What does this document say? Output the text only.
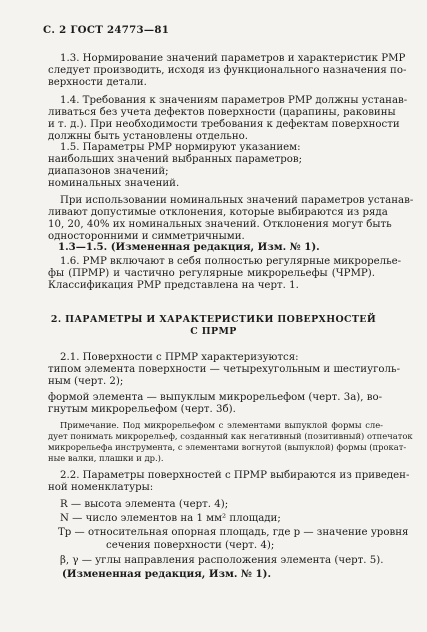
С. 2 ГОСТ 24773—81
1.3. Нормирование значений параметров и характеристик РМР
следует производить, исходя из функционального назначения по-
верхности детали.
1.4. Требования к значениям параметров РМР должны устанав-
ливаться без учета дефектов поверхности (царапины, раковины
и т. д.). При необходимости требования к дефектам поверхности
должны быть установлены отдельно.
1.5. Параметры РМР нормируют указанием:
наибольших значений выбранных параметров;
диапазонов значений;
номинальных значений.
При использовании номинальных значений параметров устанав-
ливают допустимые отклонения, которые выбираются из ряда
10, 20, 40% их номинальных значений. Отклонения могут быть
односторонними и симметричными.
1.3—1.5. (Измененная редакция, Изм. № 1).
1.6. РМР включают в себя полностью регулярные микрорелье-
фы (ПРМР) и частично регулярные микрорельефы (ЧРМР).
Классификация РМР представлена на черт. 1.
2. ПАРАМЕТРЫ И ХАРАКТЕРИСТИКИ ПОВЕРХНОСТЕЙ
С ПРМР
2.1. Поверхности с ПРМР характеризуются:
типом элемента поверхности — четырехугольным и шестиуголь-
ным (черт. 2);
формой элемента — выпуклым микрорельефом (черт. 3а), во-
гнутым микрорельефом (черт. 3б).
Примечание. Под микрорельефом с элементами выпуклой формы сле-
дует понимать микрорельеф, созданный как негативный (позитивный) отпечаток
микрорельефа инструмента, с элементами вогнутой (выпуклой) формы (прокат-
ные валки, плашки и др.).
2.2. Параметры поверхностей с ПРМР выбираются из приведен-
ной номенклатуры:
R — высота элемента (черт. 4);
N — число элементов на 1 мм² площади;
Tp — относительная опорная площадь, где p — значение уровня
сечения поверхности (черт. 4);
β, γ — углы направления расположения элемента (черт. 5).
(Измененная редакция, Изм. № 1).
